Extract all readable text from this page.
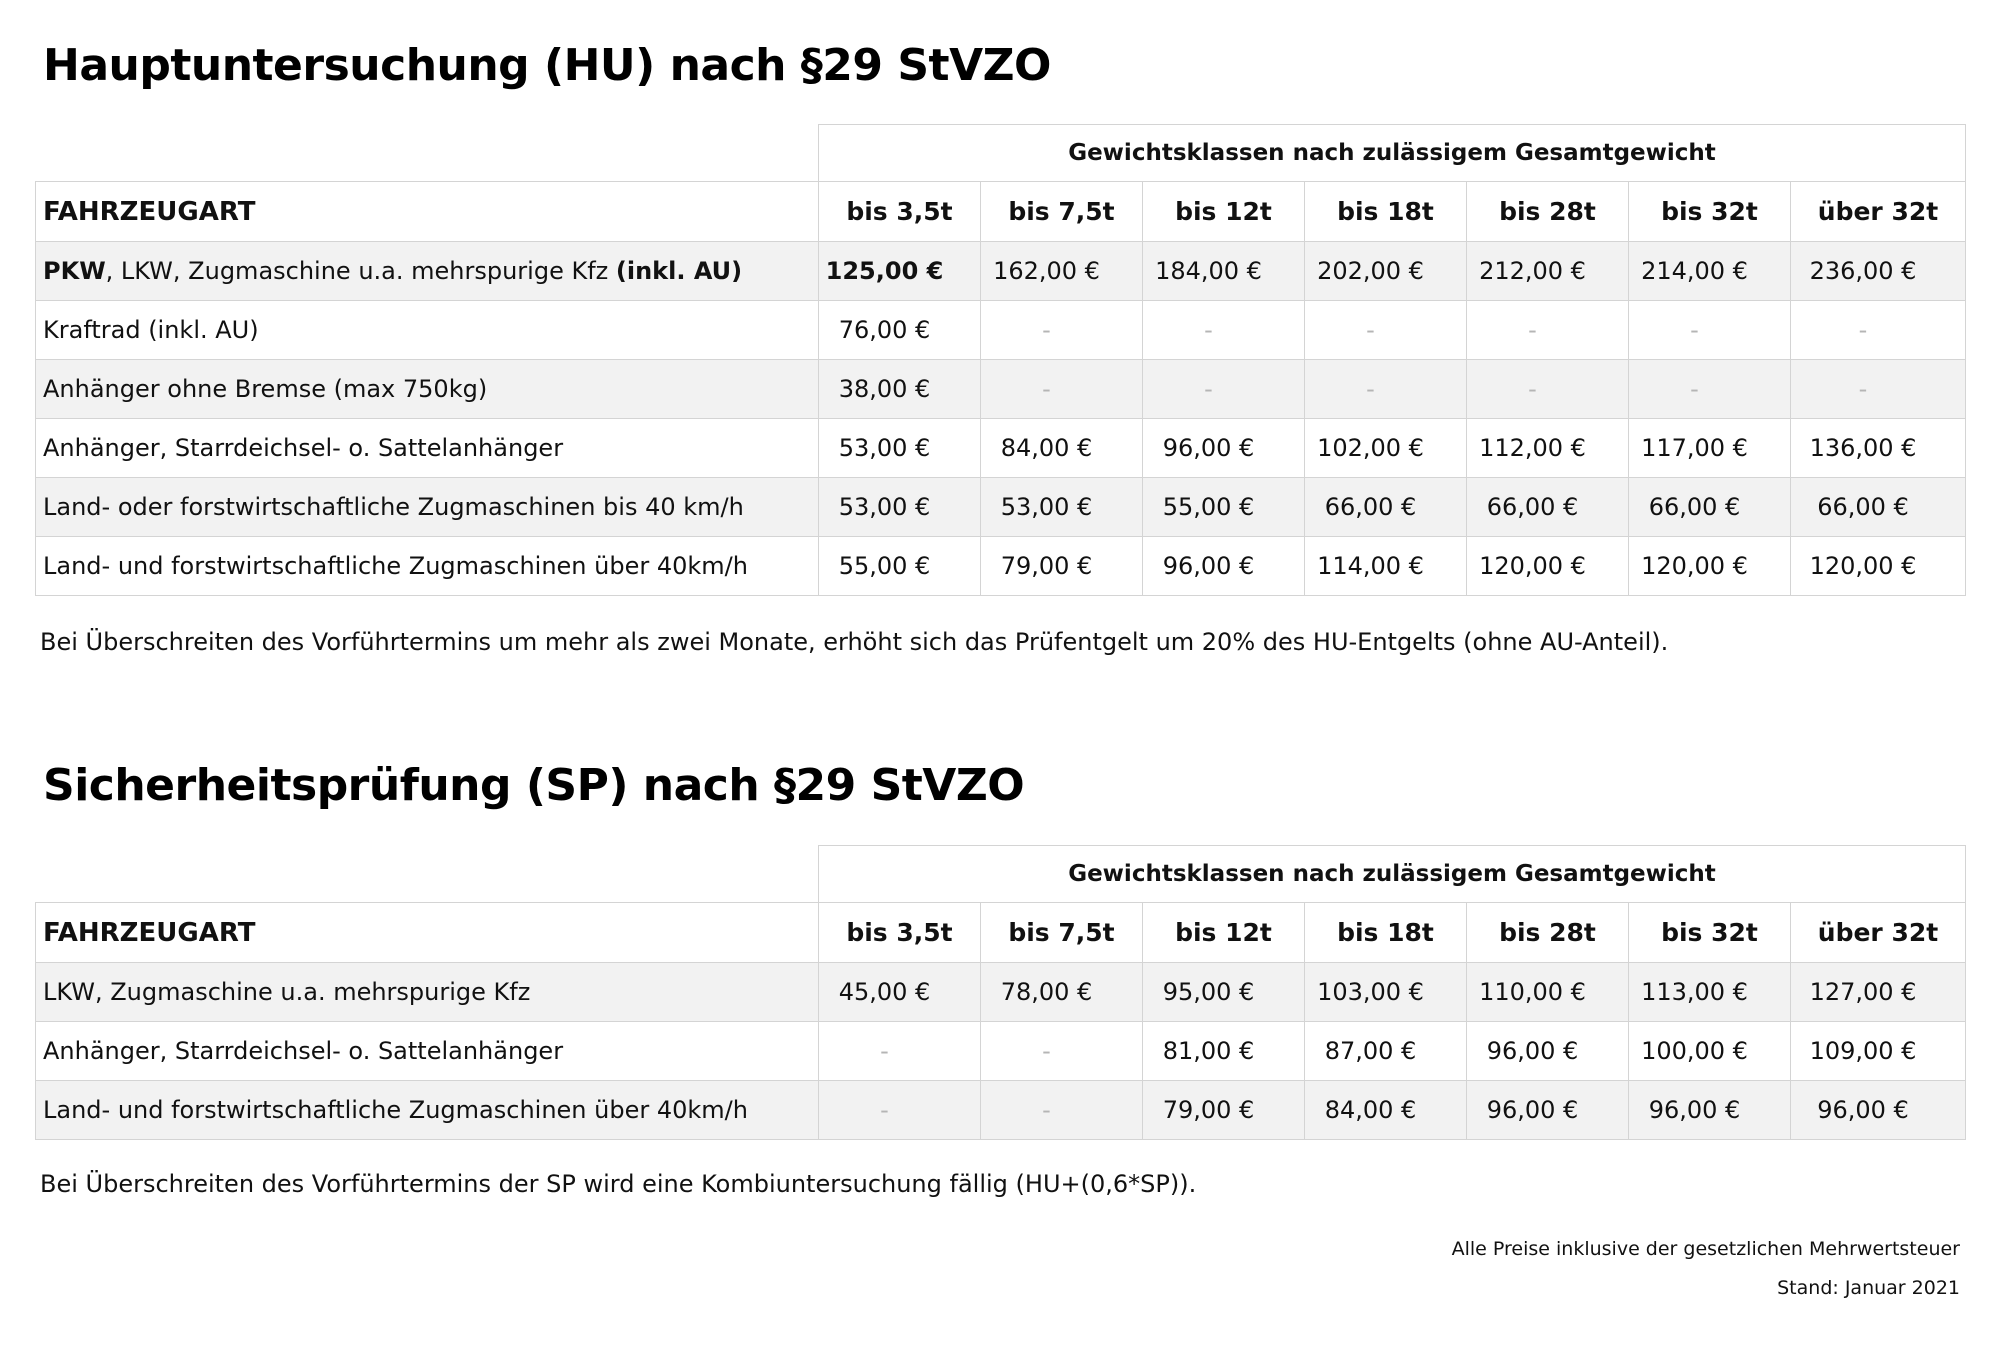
Hauptuntersuchung (HU) nach §29 StVZO
	Gewichtsklassen nach zulässigem Gesamtgewicht						
FAHRZEUGART	bis 3,5t	bis 7,5t	bis 12t	bis 18t	bis 28t	bis 32t	über 32t
PKW, LKW, Zugmaschine u.a. mehrspurige Kfz (inkl. AU)	125,00 €	162,00 €	184,00 €	202,00 €	212,00 €	214,00 €	236,00 €
Kraftrad (inkl. AU)	76,00 €	-	-	-	-	-	-
Anhänger ohne Bremse (max 750kg)	38,00 €	-	-	-	-	-	-
Anhänger, Starrdeichsel- o. Sattelanhänger	53,00 €	84,00 €	96,00 €	102,00 €	112,00 €	117,00 €	136,00 €
Land- oder forstwirtschaftliche Zugmaschinen bis 40 km/h	53,00 €	53,00 €	55,00 €	66,00 €	66,00 €	66,00 €	66,00 €
Land- und forstwirtschaftliche Zugmaschinen über 40km/h	55,00 €	79,00 €	96,00 €	114,00 €	120,00 €	120,00 €	120,00 €

Bei Überschreiten des Vorführtermins um mehr als zwei Monate, erhöht sich das Prüfentgelt um 20% des HU-Entgelts (ohne AU-Anteil).

Sicherheitsprüfung (SP) nach §29 StVZO
	Gewichtsklassen nach zulässigem Gesamtgewicht						
FAHRZEUGART	bis 3,5t	bis 7,5t	bis 12t	bis 18t	bis 28t	bis 32t	über 32t
LKW, Zugmaschine u.a. mehrspurige Kfz	45,00 €	78,00 €	95,00 €	103,00 €	110,00 €	113,00 €	127,00 €
Anhänger, Starrdeichsel- o. Sattelanhänger	-	-	81,00 €	87,00 €	96,00 €	100,00 €	109,00 €
Land- und forstwirtschaftliche Zugmaschinen über 40km/h	-	-	79,00 €	84,00 €	96,00 €	96,00 €	96,00 €

Bei Überschreiten des Vorführtermins der SP wird eine Kombiuntersuchung fällig (HU+(0,6*SP)).

Alle Preise inklusive der gesetzlichen Mehrwertsteuer

Stand: Januar 2021
